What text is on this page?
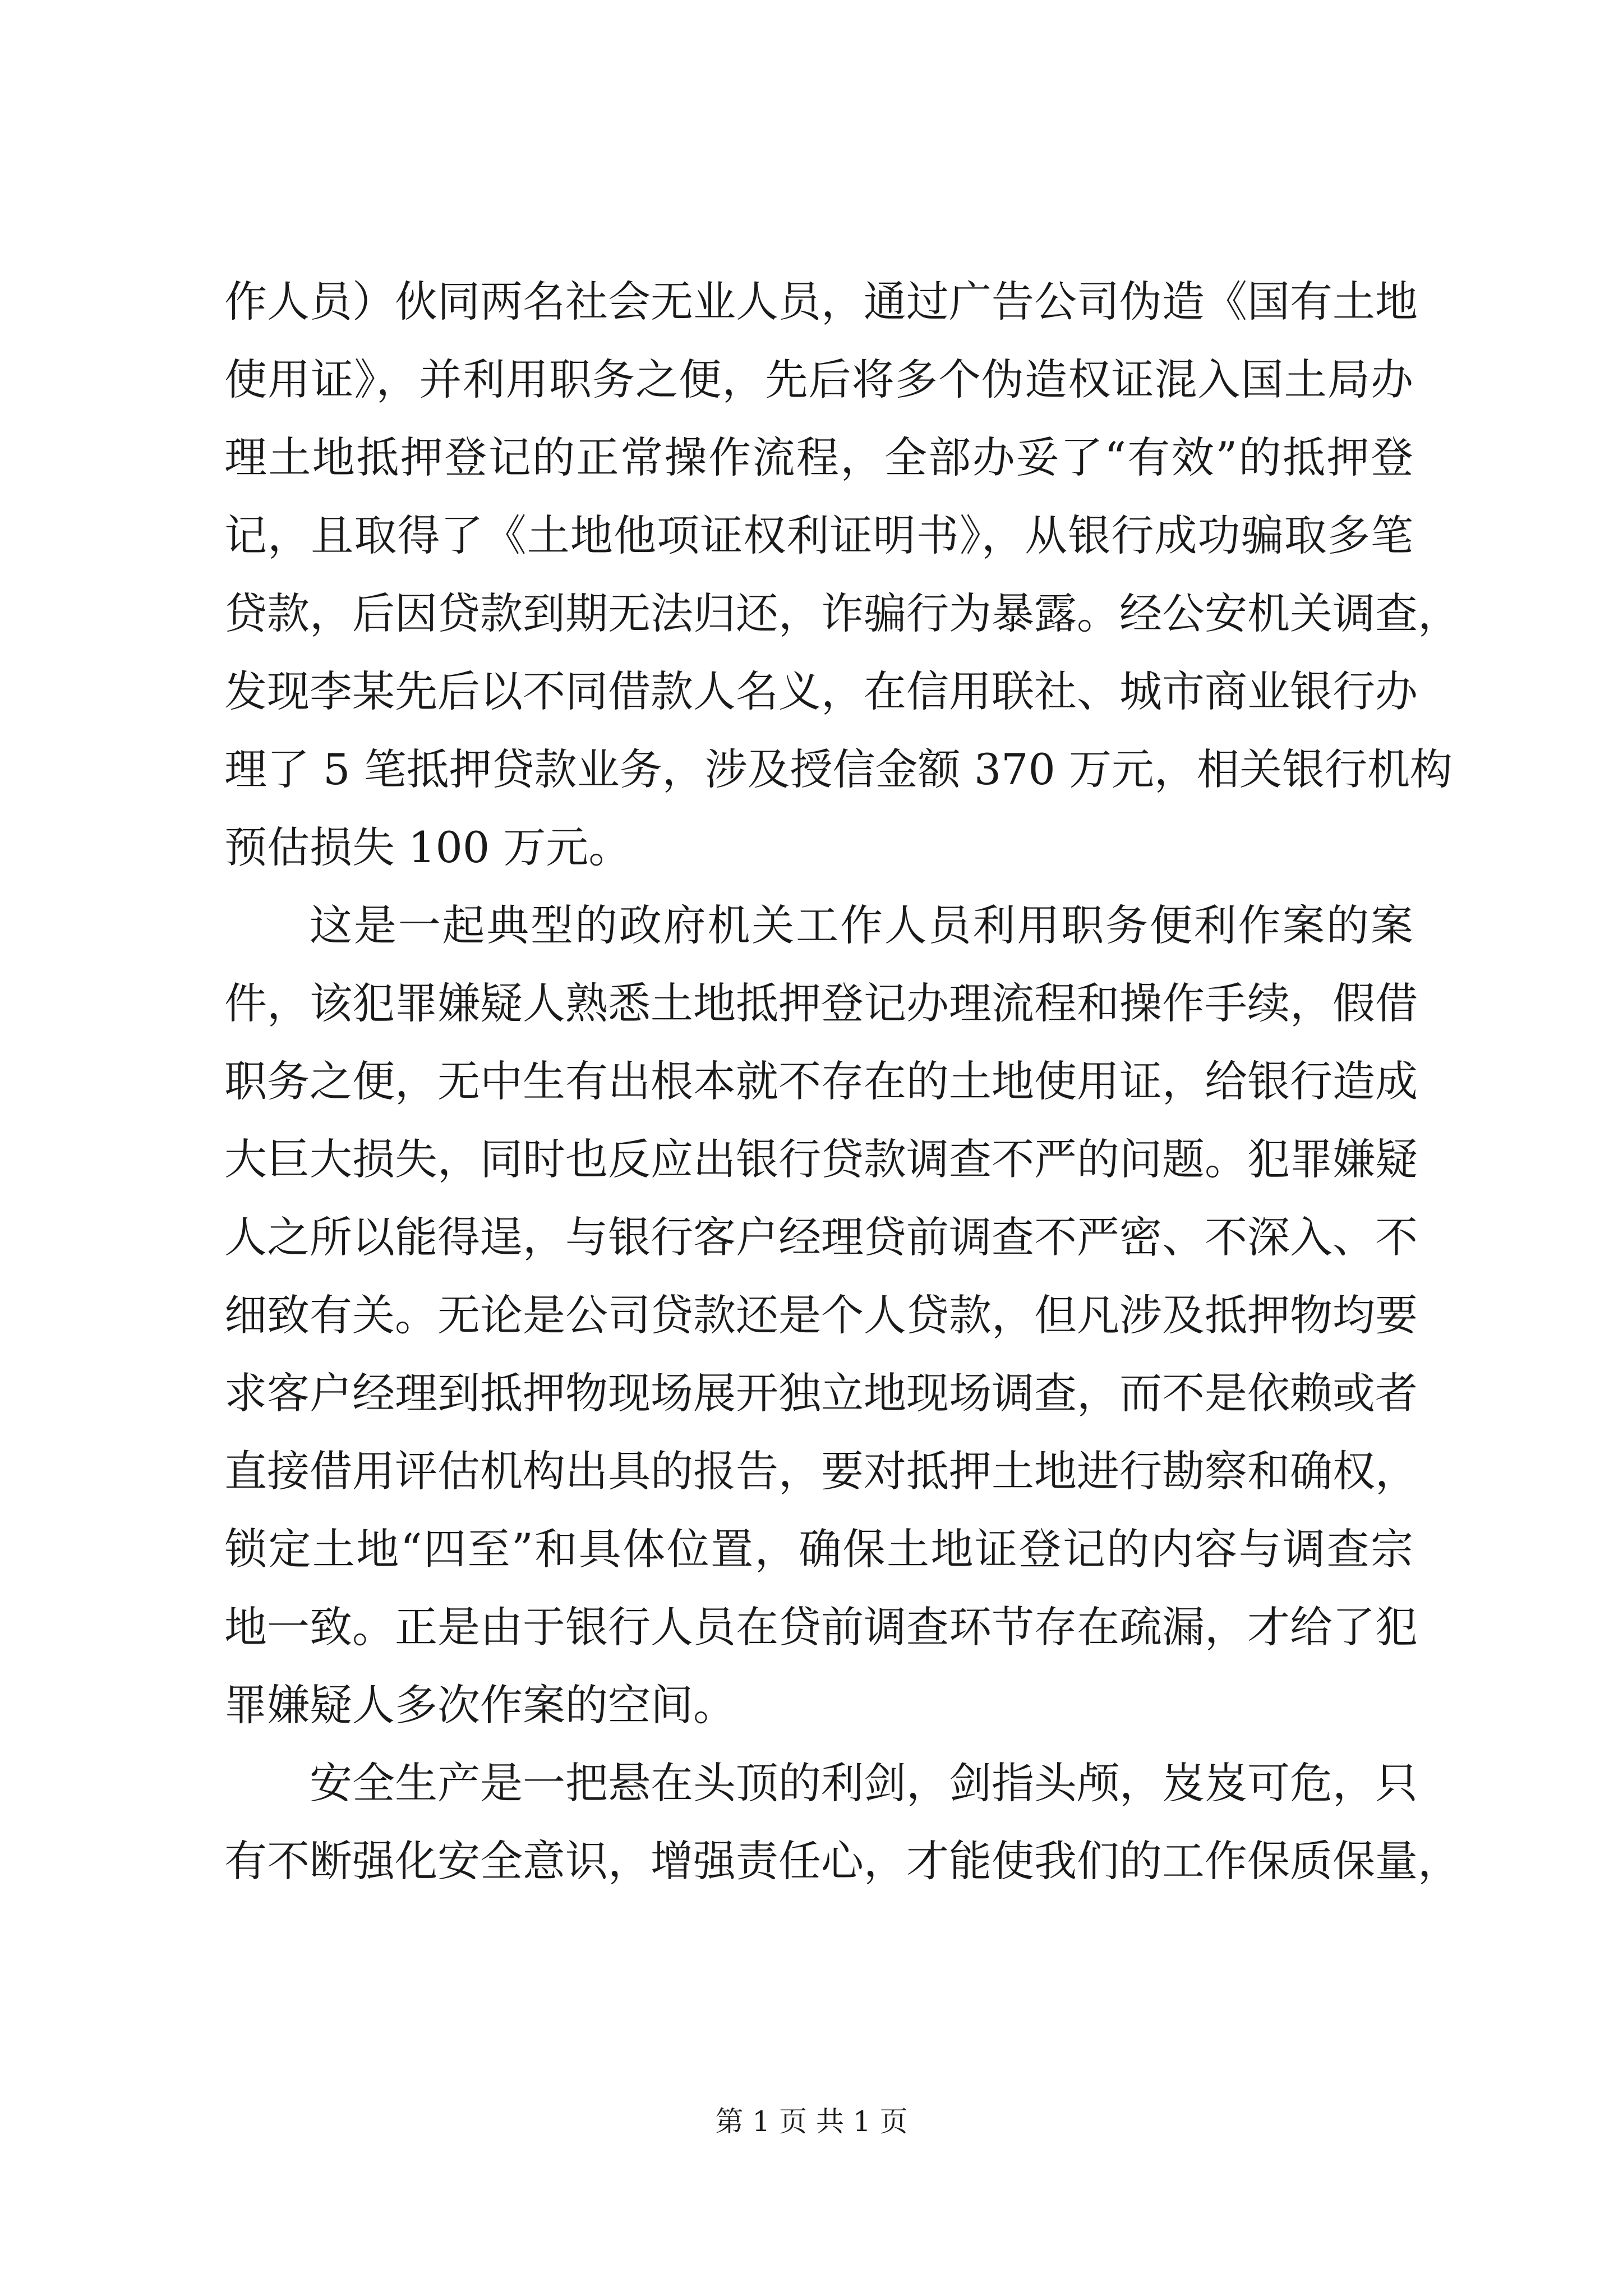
作人员）伙同两名社会无业人员，通过广告公司伪造《国有土地
使用证》，并利用职务之便，先后将多个伪造权证混入国土局办
理土地抵押登记的正常操作流程，全部办妥了“有效”的抵押登
记，且取得了《土地他项证权利证明书》，从银行成功骗取多笔
贷款，后因贷款到期无法归还，诈骗行为暴露。经公安机关调查，
发现李某先后以不同借款人名义，在信用联社、城市商业银行办
理了 5 笔抵押贷款业务，涉及授信金额 370 万元，相关银行机构
预估损失 100 万元。
这是一起典型的政府机关工作人员利用职务便利作案的案
件，该犯罪嫌疑人熟悉土地抵押登记办理流程和操作手续，假借
职务之便，无中生有出根本就不存在的土地使用证，给银行造成
大巨大损失，同时也反应出银行贷款调查不严的问题。犯罪嫌疑
人之所以能得逞，与银行客户经理贷前调查不严密、不深入、不
细致有关。无论是公司贷款还是个人贷款，但凡涉及抵押物均要
求客户经理到抵押物现场展开独立地现场调查，而不是依赖或者
直接借用评估机构出具的报告，要对抵押土地进行勘察和确权，
锁定土地“四至”和具体位置，确保土地证登记的内容与调查宗
地一致。正是由于银行人员在贷前调查环节存在疏漏，才给了犯
罪嫌疑人多次作案的空间。
安全生产是一把悬在头顶的利剑，剑指头颅，岌岌可危，只
有不断强化安全意识，增强责任心，才能使我们的工作保质保量，
第 1 页 共 1 页
